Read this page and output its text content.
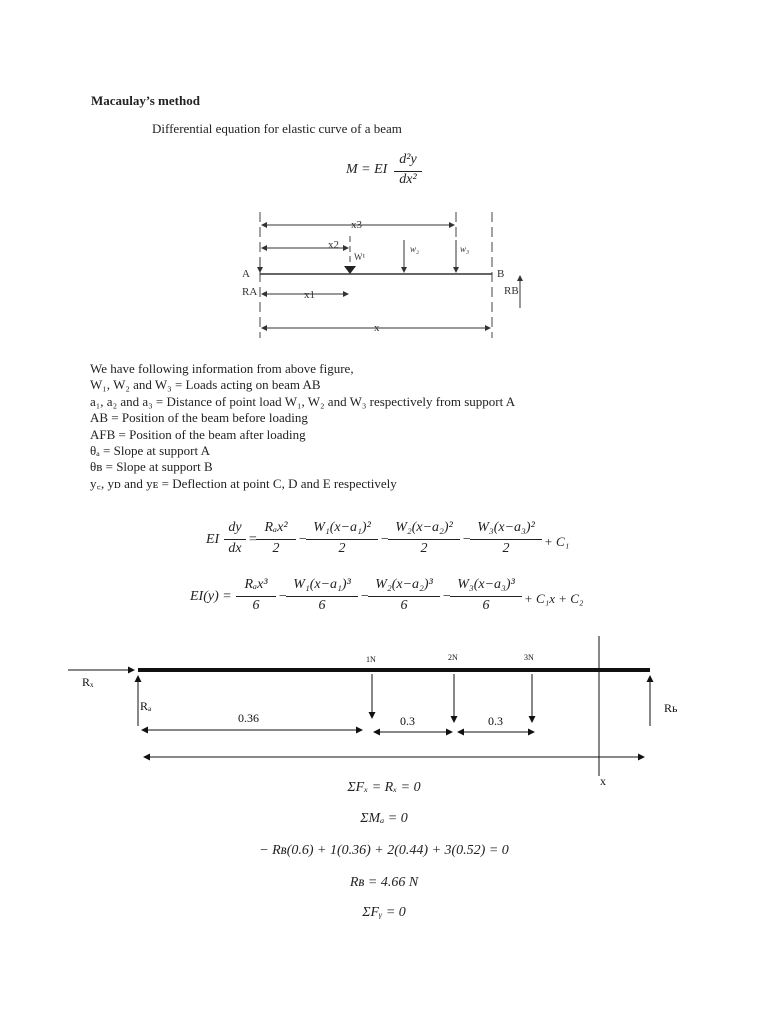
Macaulay’s method
Differential equation for elastic curve of a beam
M = EI
d²y
dx²
x3
x2
W¹
w₂	w₃
A	B
RB
RA	x1
x
We have following information from above figure,
W₁, W₂ and W₃ = Loads acting on beam AB
a₁, a₂ and a₃ = Distance of point load W₁, W₂ and W₃ respectively from support A
AB = Position of the beam before loading
AFB = Position of the beam after loading
θₐ = Slope at support A
θʙ = Slope at support B
y꜀, yᴅ and yᴇ = Deflection at point C, D and E respectively
EI
dy
dx
=
Rₐx²
2
−
W₁(x−a₁)²
2
−
W₂(x−a₂)²
2
−
W₃(x−a₃)²
2	+ C₁
EI(y) =
Rₐx³
6
−
W₁(x−a₁)³
6
−
W₂(x−a₂)³
6
−
W₃(x−a₃)³
6	+ C₁x + C₂
Rₓ
Rₐ	Rь
1N	2N	3N
0.36	0.3	0.3
x
ΣFₓ = Rₓ = 0
ΣMₐ = 0
− Rʙ(0.6) + 1(0.36) + 2(0.44) + 3(0.52) = 0
Rʙ = 4.66 N
ΣFᵧ = 0
